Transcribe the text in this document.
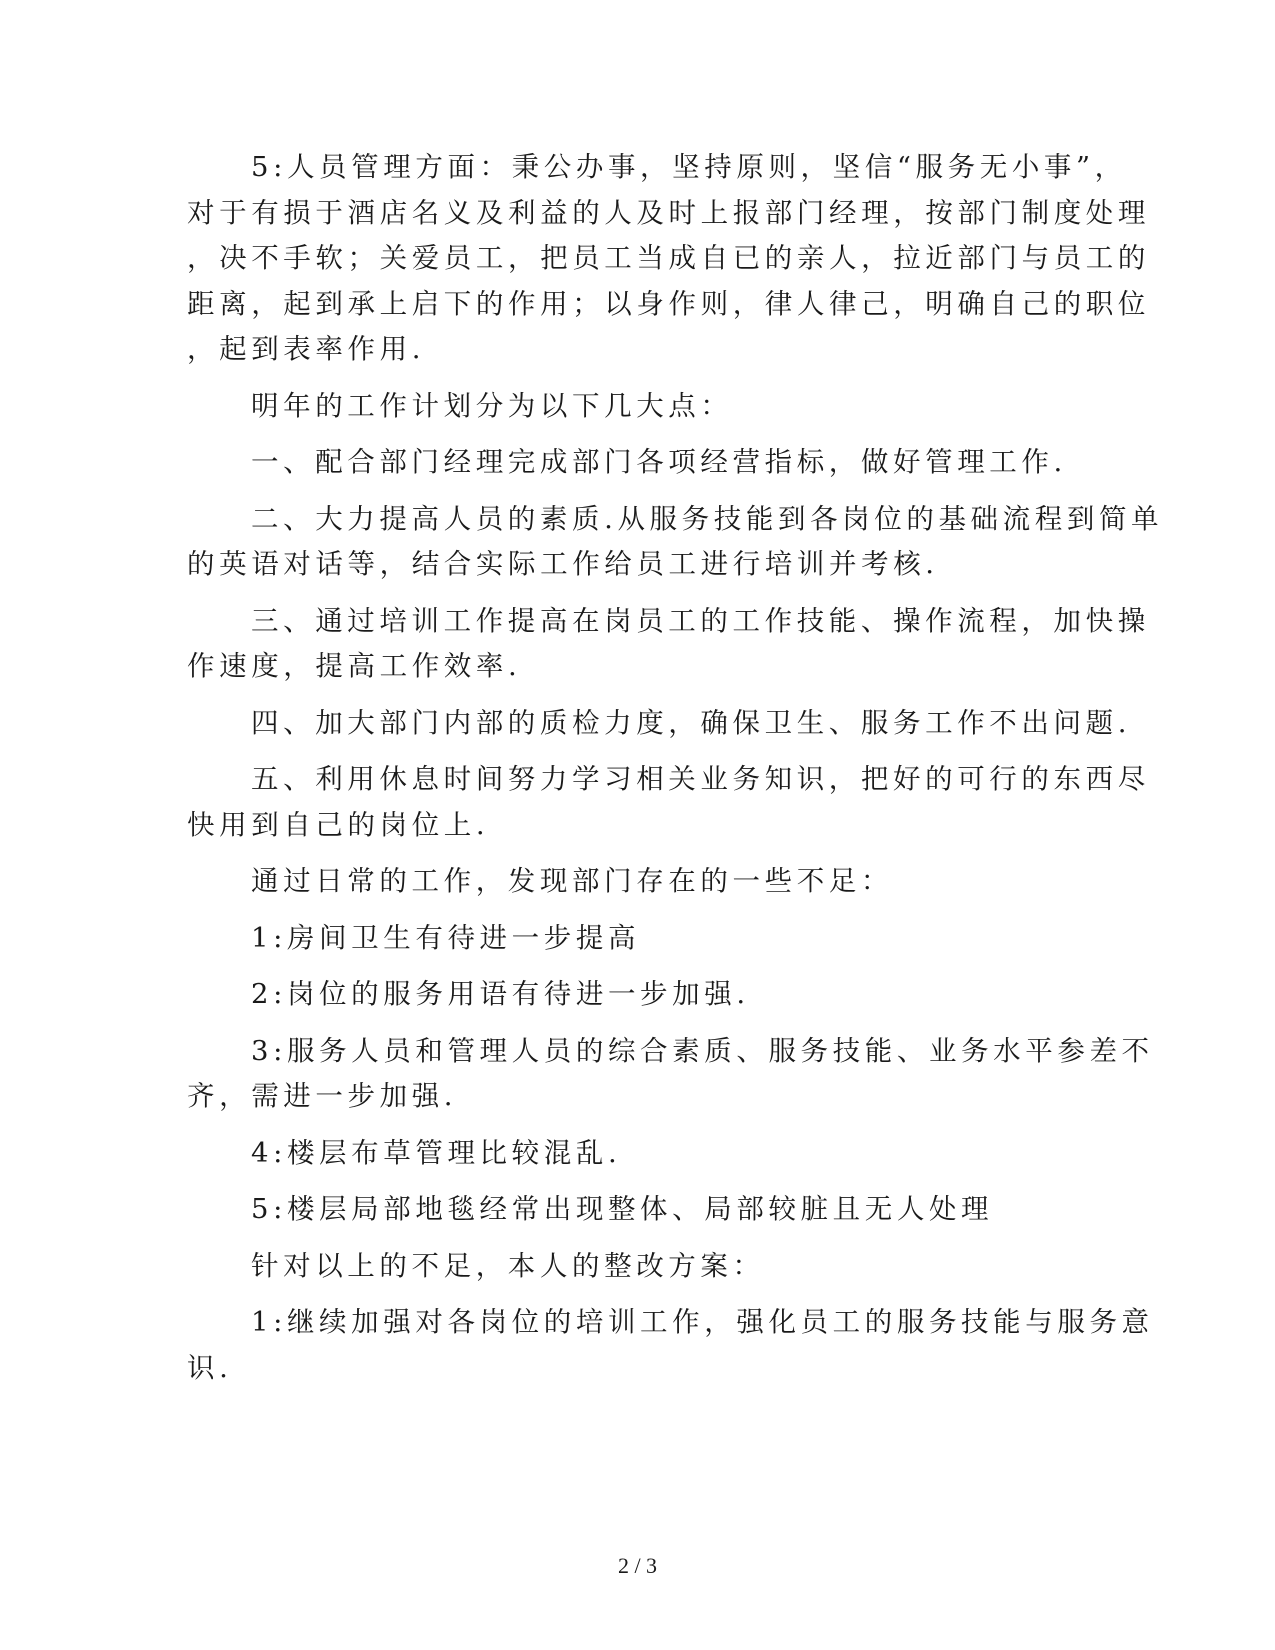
5:人员管理方面：秉公办事，坚持原则，坚信“服务无小事”，
对于有损于酒店名义及利益的人及时上报部门经理，按部门制度处理
，决不手软；关爱员工，把员工当成自已的亲人，拉近部门与员工的
距离，起到承上启下的作用；以身作则，律人律己，明确自己的职位
，起到表率作用.

明年的工作计划分为以下几大点：

一、配合部门经理完成部门各项经营指标，做好管理工作.

二、大力提高人员的素质.从服务技能到各岗位的基础流程到简单
的英语对话等，结合实际工作给员工进行培训并考核.

三、通过培训工作提高在岗员工的工作技能、操作流程，加快操
作速度，提高工作效率.

四、加大部门内部的质检力度，确保卫生、服务工作不出问题.

五、利用休息时间努力学习相关业务知识，把好的可行的东西尽
快用到自己的岗位上.

通过日常的工作，发现部门存在的一些不足：

1:房间卫生有待进一步提高

2:岗位的服务用语有待进一步加强.

3:服务人员和管理人员的综合素质、服务技能、业务水平参差不
齐，需进一步加强.

4:楼层布草管理比较混乱.

5:楼层局部地毯经常出现整体、局部较脏且无人处理

针对以上的不足，本人的整改方案：

1:继续加强对各岗位的培训工作，强化员工的服务技能与服务意
识.

2 / 3
